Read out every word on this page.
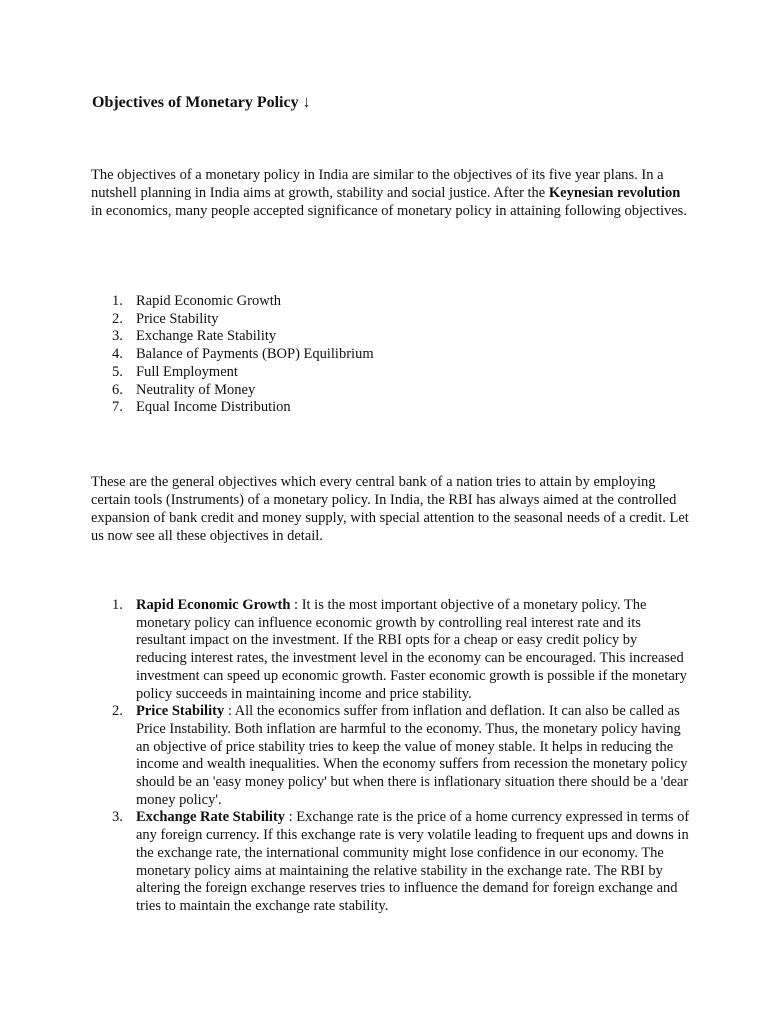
Objectives of Monetary Policy ↓

The objectives of a monetary policy in India are similar to the objectives of its five year plans. In a nutshell planning in India aims at growth, stability and social justice. After the Keynesian revolution in economics, many people accepted significance of monetary policy in attaining following objectives.

1. Rapid Economic Growth
2. Price Stability
3. Exchange Rate Stability
4. Balance of Payments (BOP) Equilibrium
5. Full Employment
6. Neutrality of Money
7. Equal Income Distribution

These are the general objectives which every central bank of a nation tries to attain by employing certain tools (Instruments) of a monetary policy. In India, the RBI has always aimed at the controlled expansion of bank credit and money supply, with special attention to the seasonal needs of a credit. Let us now see all these objectives in detail.

1. Rapid Economic Growth : It is the most important objective of a monetary policy. The monetary policy can influence economic growth by controlling real interest rate and its resultant impact on the investment. If the RBI opts for a cheap or easy credit policy by reducing interest rates, the investment level in the economy can be encouraged. This increased investment can speed up economic growth. Faster economic growth is possible if the monetary policy succeeds in maintaining income and price stability.
2. Price Stability : All the economics suffer from inflation and deflation. It can also be called as Price Instability. Both inflation are harmful to the economy. Thus, the monetary policy having an objective of price stability tries to keep the value of money stable. It helps in reducing the income and wealth inequalities. When the economy suffers from recession the monetary policy should be an 'easy money policy' but when there is inflationary situation there should be a 'dear money policy'.
3. Exchange Rate Stability : Exchange rate is the price of a home currency expressed in terms of any foreign currency. If this exchange rate is very volatile leading to frequent ups and downs in the exchange rate, the international community might lose confidence in our economy. The monetary policy aims at maintaining the relative stability in the exchange rate. The RBI by altering the foreign exchange reserves tries to influence the demand for foreign exchange and tries to maintain the exchange rate stability.
